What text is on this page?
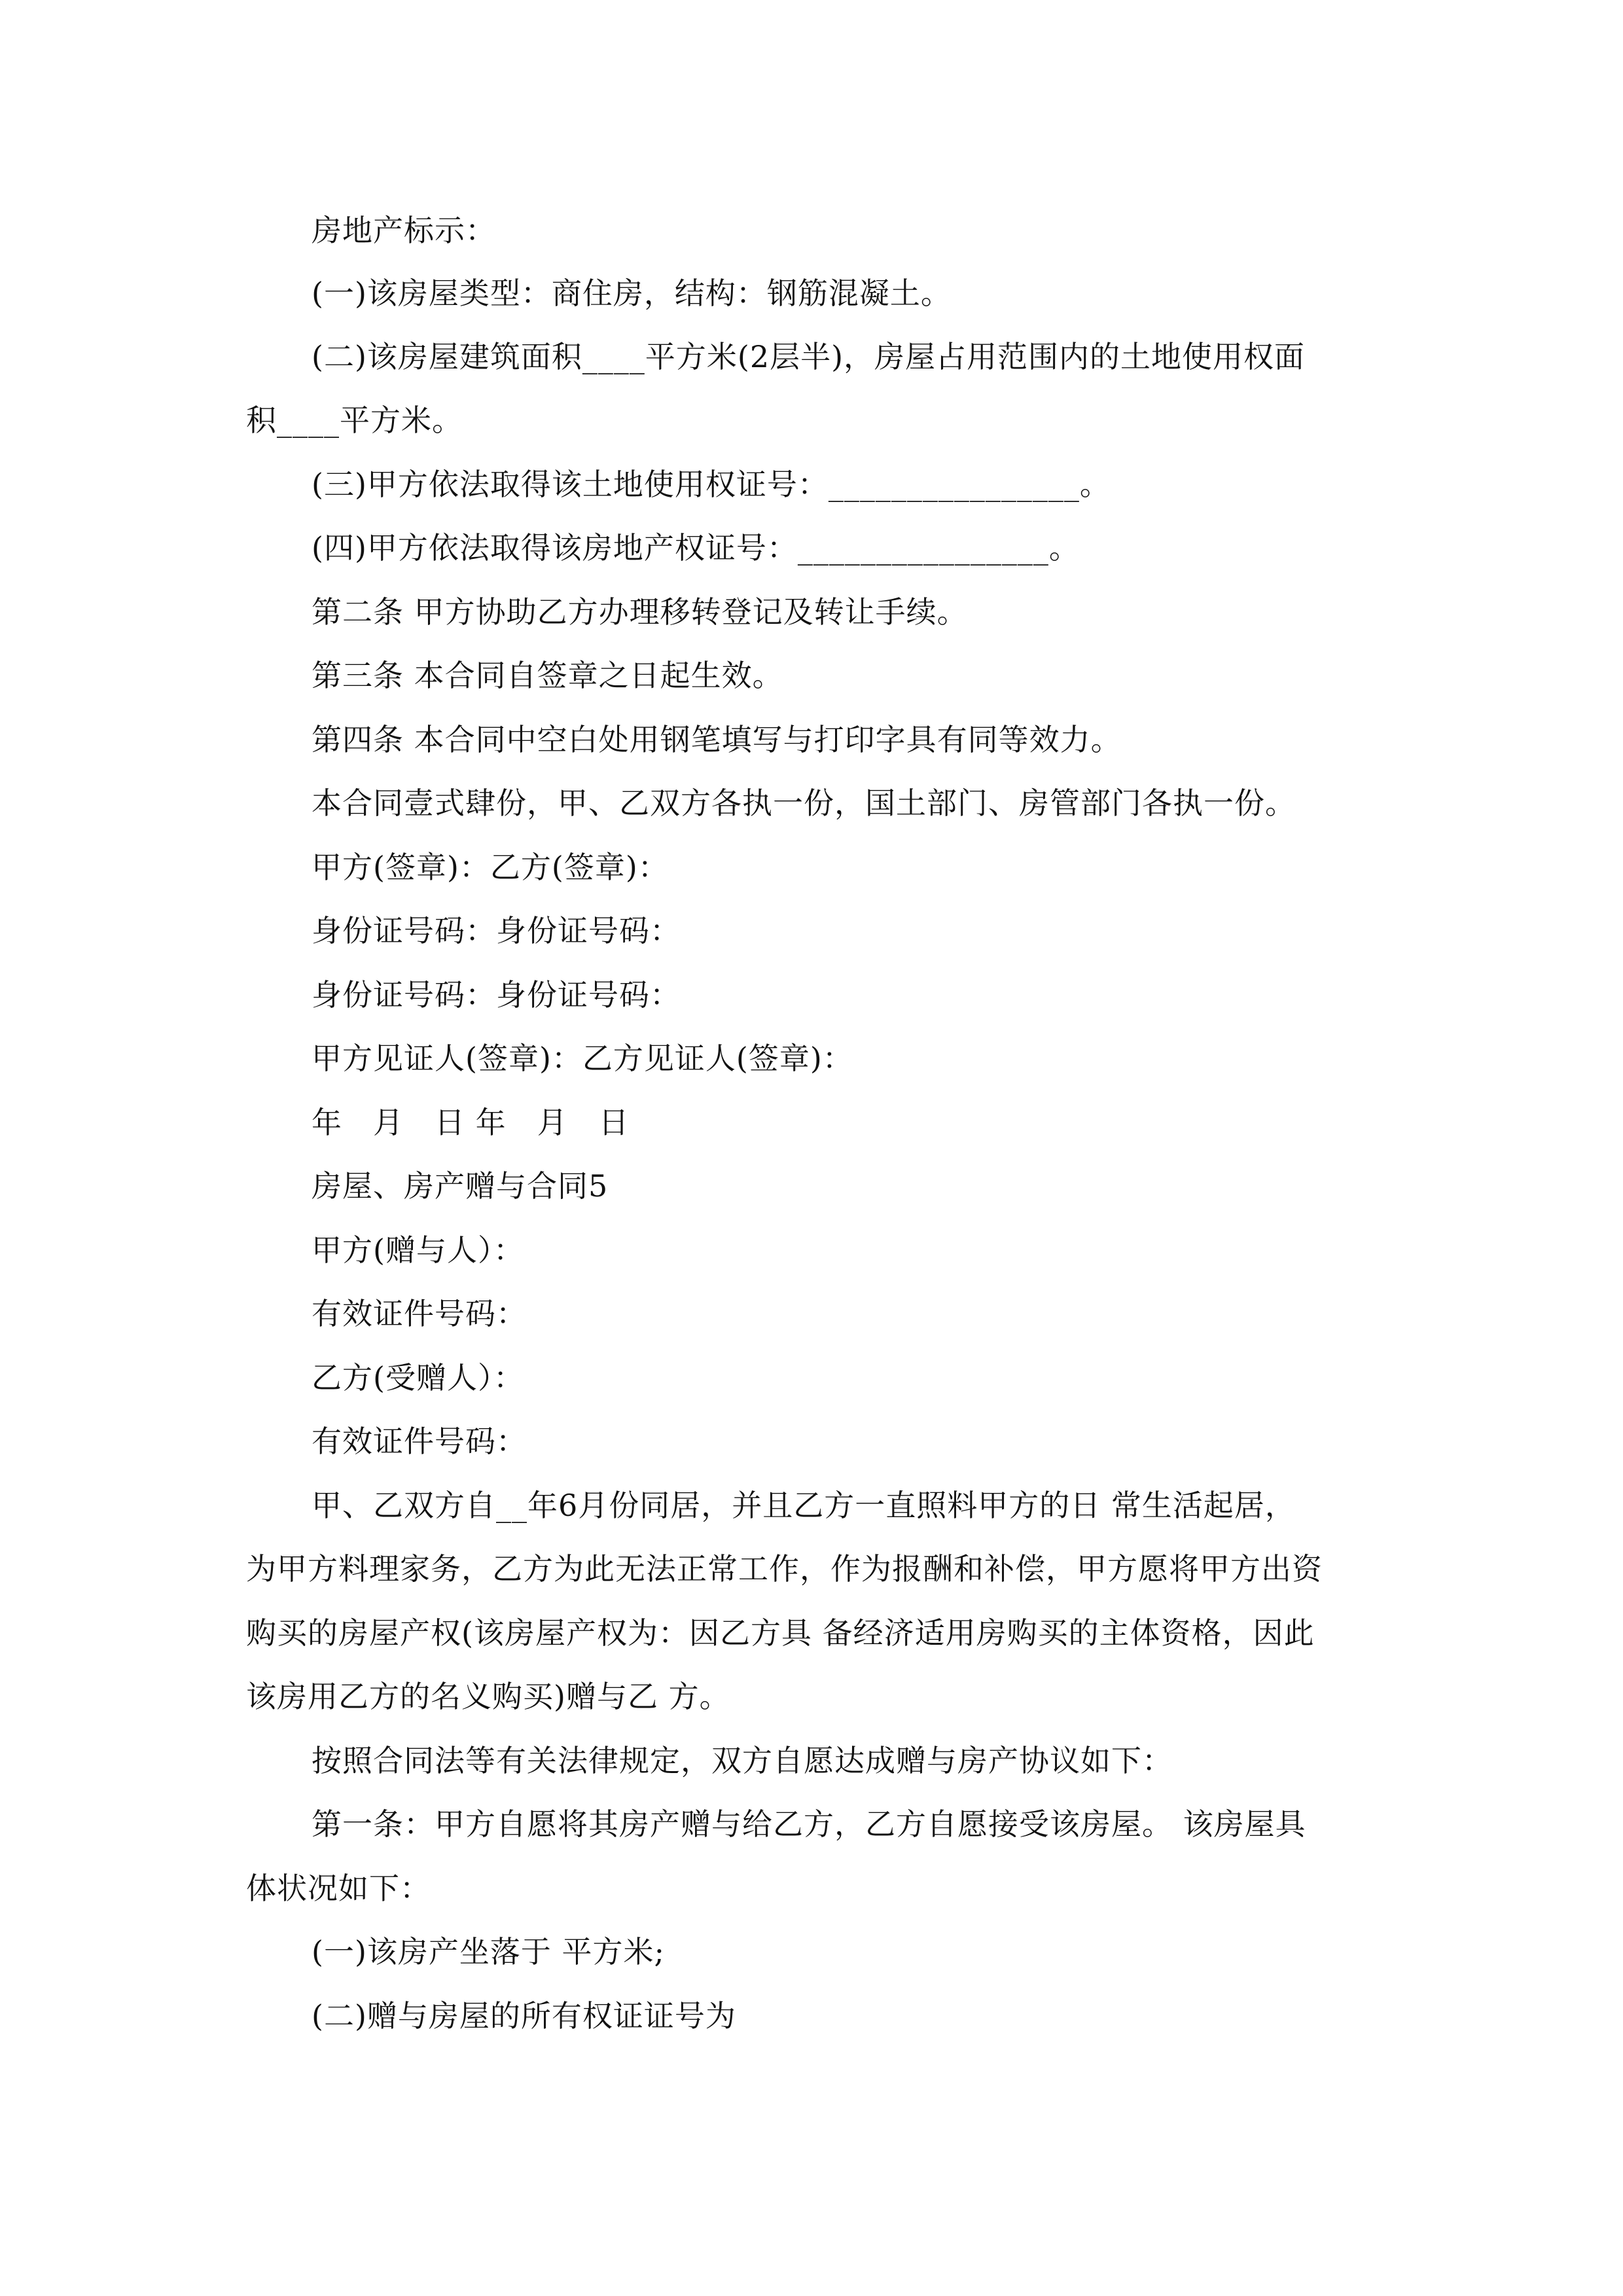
房地产标示：
(一)该房屋类型：商住房，结构：钢筋混凝土。
(二)该房屋建筑面积____平方米(2层半)，房屋占用范围内的土地使用权面
积____平方米。
(三)甲方依法取得该土地使用权证号：________________。
(四)甲方依法取得该房地产权证号：________________。
第二条 甲方协助乙方办理移转登记及转让手续。
第三条 本合同自签章之日起生效。
第四条 本合同中空白处用钢笔填写与打印字具有同等效力。
本合同壹式肆份，甲、乙双方各执一份，国土部门、房管部门各执一份。
甲方(签章)：乙方(签章)：
身份证号码：身份证号码：
身份证号码：身份证号码：
甲方见证人(签章)：乙方见证人(签章)：
年　月　日 年　月　日
房屋、房产赠与合同5
甲方(赠与人）：
有效证件号码：
乙方(受赠人）：
有效证件号码：
甲、乙双方自__年6月份同居，并且乙方一直照料甲方的日 常生活起居，
为甲方料理家务，乙方为此无法正常工作，作为报酬和补偿，甲方愿将甲方出资
购买的房屋产权(该房屋产权为：因乙方具 备经济适用房购买的主体资格，因此
该房用乙方的名义购买)赠与乙 方。
按照合同法等有关法律规定，双方自愿达成赠与房产协议如下：
第一条：甲方自愿将其房产赠与给乙方，乙方自愿接受该房屋。 该房屋具
体状况如下：
(一)该房产坐落于 平方米;
(二)赠与房屋的所有权证证号为
